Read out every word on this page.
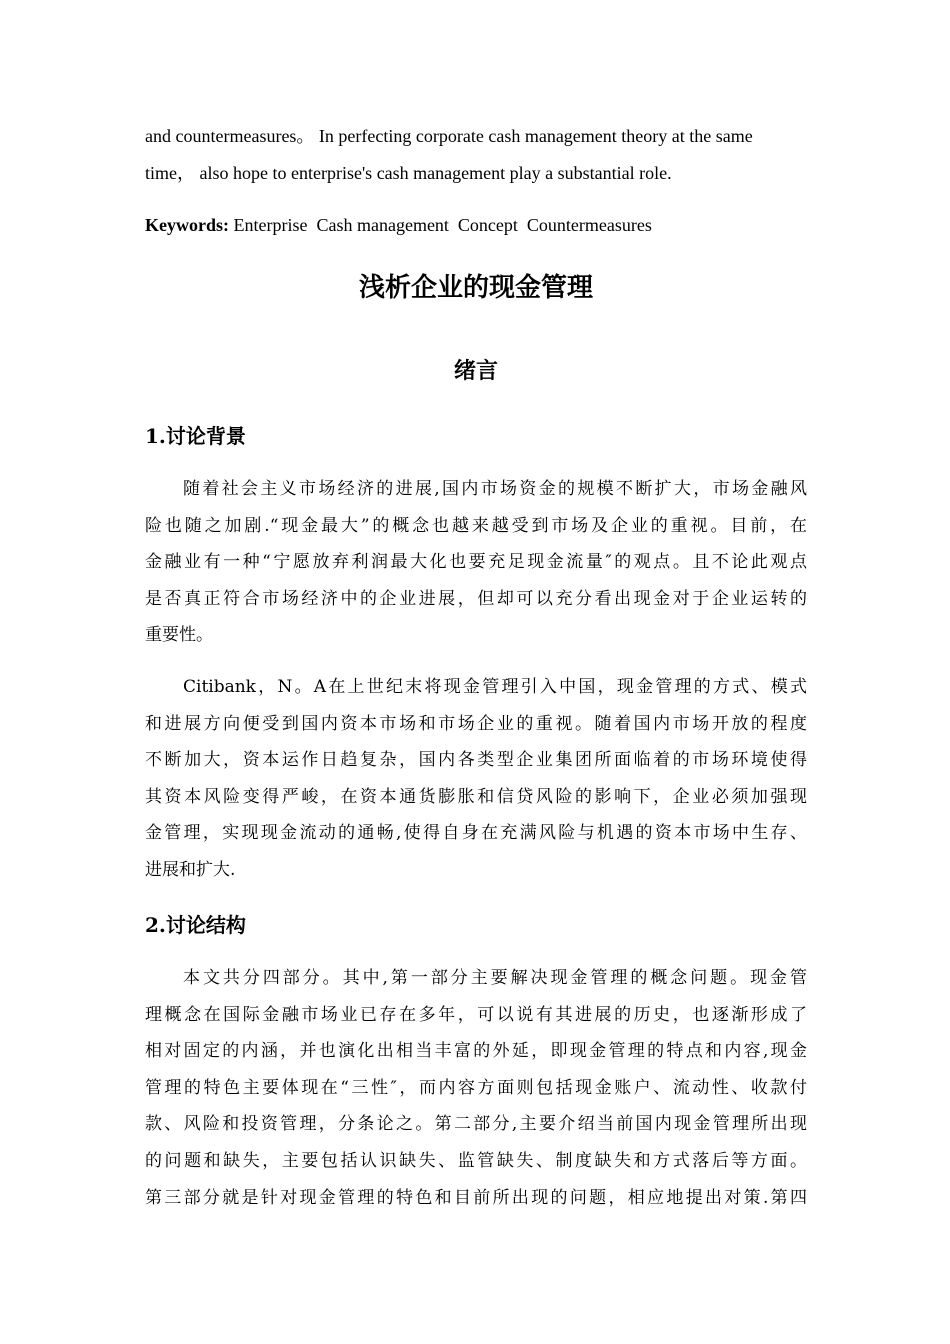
and countermeasures。 In perfecting corporate cash management theory at the same

time， also hope to enterprise's cash management play a substantial role.

Keywords: Enterprise  Cash management  Concept  Countermeasures
浅析企业的现金管理
绪言
1.讨论背景
随着社会主义市场经济的进展,国内市场资金的规模不断扩大，市场金融风
险也随之加剧.“现金最大”的概念也越来越受到市场及企业的重视。目前，在
金融业有一种“宁愿放弃利润最大化也要充足现金流量″的观点。且不论此观点
是否真正符合市场经济中的企业进展，但却可以充分看出现金对于企业运转的
重要性。
Citibank，N。A在上世纪末将现金管理引入中国，现金管理的方式、模式
和进展方向便受到国内资本市场和市场企业的重视。随着国内市场开放的程度
不断加大，资本运作日趋复杂，国内各类型企业集团所面临着的市场环境使得
其资本风险变得严峻，在资本通货膨胀和信贷风险的影响下，企业必须加强现
金管理，实现现金流动的通畅,使得自身在充满风险与机遇的资本市场中生存、
进展和扩大.
2.讨论结构
本文共分四部分。其中,第一部分主要解决现金管理的概念问题。现金管
理概念在国际金融市场业已存在多年，可以说有其进展的历史，也逐渐形成了
相对固定的内涵，并也演化出相当丰富的外延，即现金管理的特点和内容,现金
管理的特色主要体现在“三性″，而内容方面则包括现金账户、流动性、收款付
款、风险和投资管理，分条论之。第二部分,主要介绍当前国内现金管理所出现
的问题和缺失，主要包括认识缺失、监管缺失、制度缺失和方式落后等方面。
第三部分就是针对现金管理的特色和目前所出现的问题，相应地提出对策.第四
